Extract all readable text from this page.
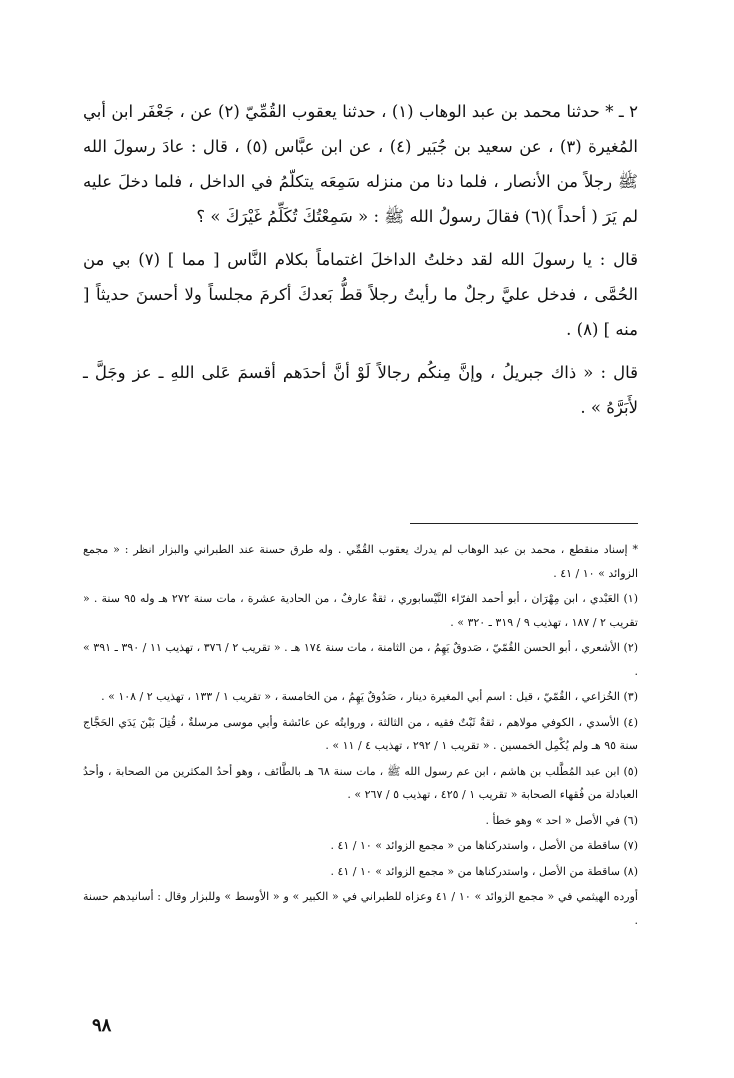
٢ ـ * حدثنا محمد بن عبد الوهاب (١) ، حدثنا يعقوب القُمِّيّ (٢) عن ، جَعْفَر ابن أبي المُغيرة (٣) ، عن سعيد بن جُبَير (٤) ، عن ابن عبَّاس (٥) ، قال : عادَ رسولَ الله ﷺ رجلاً من الأنصار ، فلما دنا من منزله سَمِعَه يتكلّمُ في الداخل ، فلما دخلَ عليه لم يَرَ ( أحداً )(٦) فقالَ رسولُ الله ﷺ : « سَمِعْتُكَ تُكَلِّمُ غَيْرَكَ » ؟

قال : يا رسولَ الله لقد دخلتُ الداخلَ اغتماماً بكلام النَّاس [ مما ] (٧) بي من الحُمَّى ، فدخل عليَّ رجلٌ ما رأيتُ رجلاً قطُّ بَعدكَ أكرمَ مجلساً ولا أحسنَ حديثاً [ منه ] (٨) .

قال : « ذاك جبريلُ ، وإنَّ مِنكُم رجالاً لَوْ أنَّ أحدَهم أقسمَ عَلى اللهِ ـ عز وجَلَّ ـ لأَبَرَّهُ » .

* إسناد منقطع ، محمد بن عبد الوهاب لم يدرك يعقوب القُمِّي . وله طرق حسنة عند الطبراني والبزار انظر : « مجمع الزوائد » ١٠ / ٤١ .

(١) العَبْدي ، ابن مِهْرَان ، أبو أحمد الفرّاء النَّيْسابوري ، ثقةٌ عارفٌ ، من الحادية عشرة ، مات سنة ٢٧٢ هـ وله ٩٥ سنة . « تقريب ٢ / ١٨٧ ، تهذيب ٩ / ٣١٩ ـ ٣٢٠ » .

(٢) الأشعري ، أبو الحسن القُمّيّ ، صَدوقٌ يَهِمُ ، من الثامنة ، مات سنة ١٧٤ هـ . « تقريب ٢ / ٣٧٦ ، تهذيب ١١ / ٣٩٠ ـ ٣٩١ » .

(٣) الخُزاعي ، القُمّيّ ، قيل : اسم أبي المغيرة دينار ، صَدُوقٌ يَهِمُ ، من الخامسة ، « تقريب ١ / ١٣٣ ، تهذيب ٢ / ١٠٨ » .

(٤) الأسدي ، الكوفي مولاهم ، ثقةٌ ثَبْتٌ فقيه ، من الثالثة ، وروايتُه عن عائشة وأبي موسى مرسلةٌ ، قُتِلَ بَيْنَ يَدَي الحَجَّاج سنة ٩٥ هـ ولم يُكْمِل الخمسين . « تقريب ١ / ٢٩٢ ، تهذيب ٤ / ١١ » .

(٥) ابن عبد المُطَّلب بن هاشم ، ابن عم رسول الله ﷺ ، مات سنة ٦٨ هـ بالطَّائف ، وهو أحدُ المكثرين من الصحابة ، وأحدُ العبادلة من فُقهاء الصحابة « تقريب ١ / ٤٢٥ ، تهذيب ٥ / ٢٦٧ » .

(٦) في الأصل « احد » وهو خطأ .

(٧) ساقطة من الأصل ، واستدركناها من « مجمع الزوائد » ١٠ / ٤١ .

(٨) ساقطة من الأصل ، واستدركناها من « مجمع الزوائد » ١٠ / ٤١ .

أورده الهيثمي في « مجمع الزوائد » ١٠ / ٤١ وعزاه للطبراني في « الكبير » و « الأوسط » وللبزار وقال : أسانيدهم حسنة .

٩٨
